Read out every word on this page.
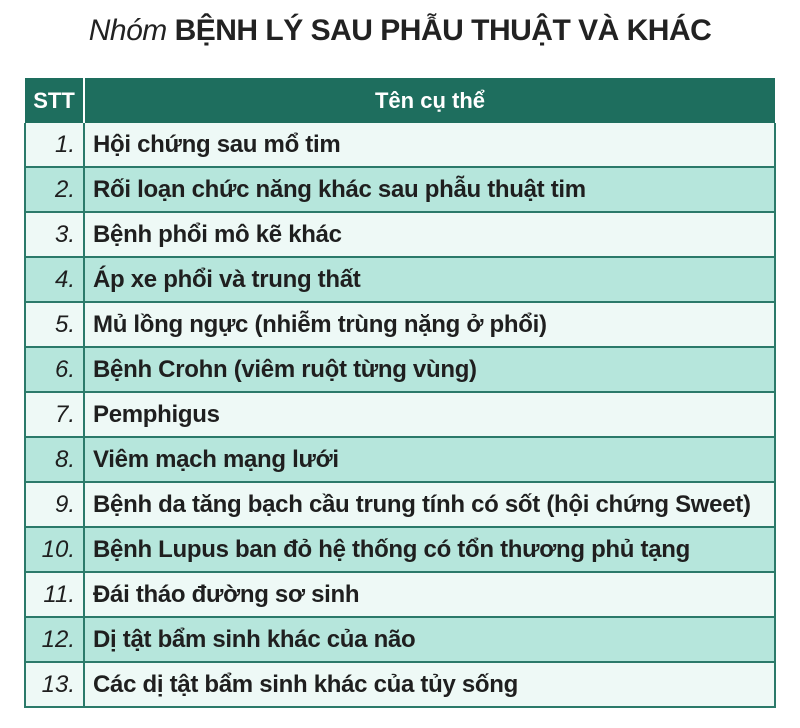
Nhóm BỆNH LÝ SAU PHẪU THUẬT VÀ KHÁC
STT	Tên cụ thể
1.	Hội chứng sau mổ tim
2.	Rối loạn chức năng khác sau phẫu thuật tim
3.	Bệnh phổi mô kẽ khác
4.	Áp xe phổi và trung thất
5.	Mủ lồng ngực (nhiễm trùng nặng ở phổi)
6.	Bệnh Crohn (viêm ruột từng vùng)
7.	Pemphigus
8.	Viêm mạch mạng lưới
9.	Bệnh da tăng bạch cầu trung tính có sốt (hội chứng Sweet)
10.	Bệnh Lupus ban đỏ hệ thống có tổn thương phủ tạng
11.	Đái tháo đường sơ sinh
12.	Dị tật bẩm sinh khác của não
13.	Các dị tật bẩm sinh khác của tủy sống
